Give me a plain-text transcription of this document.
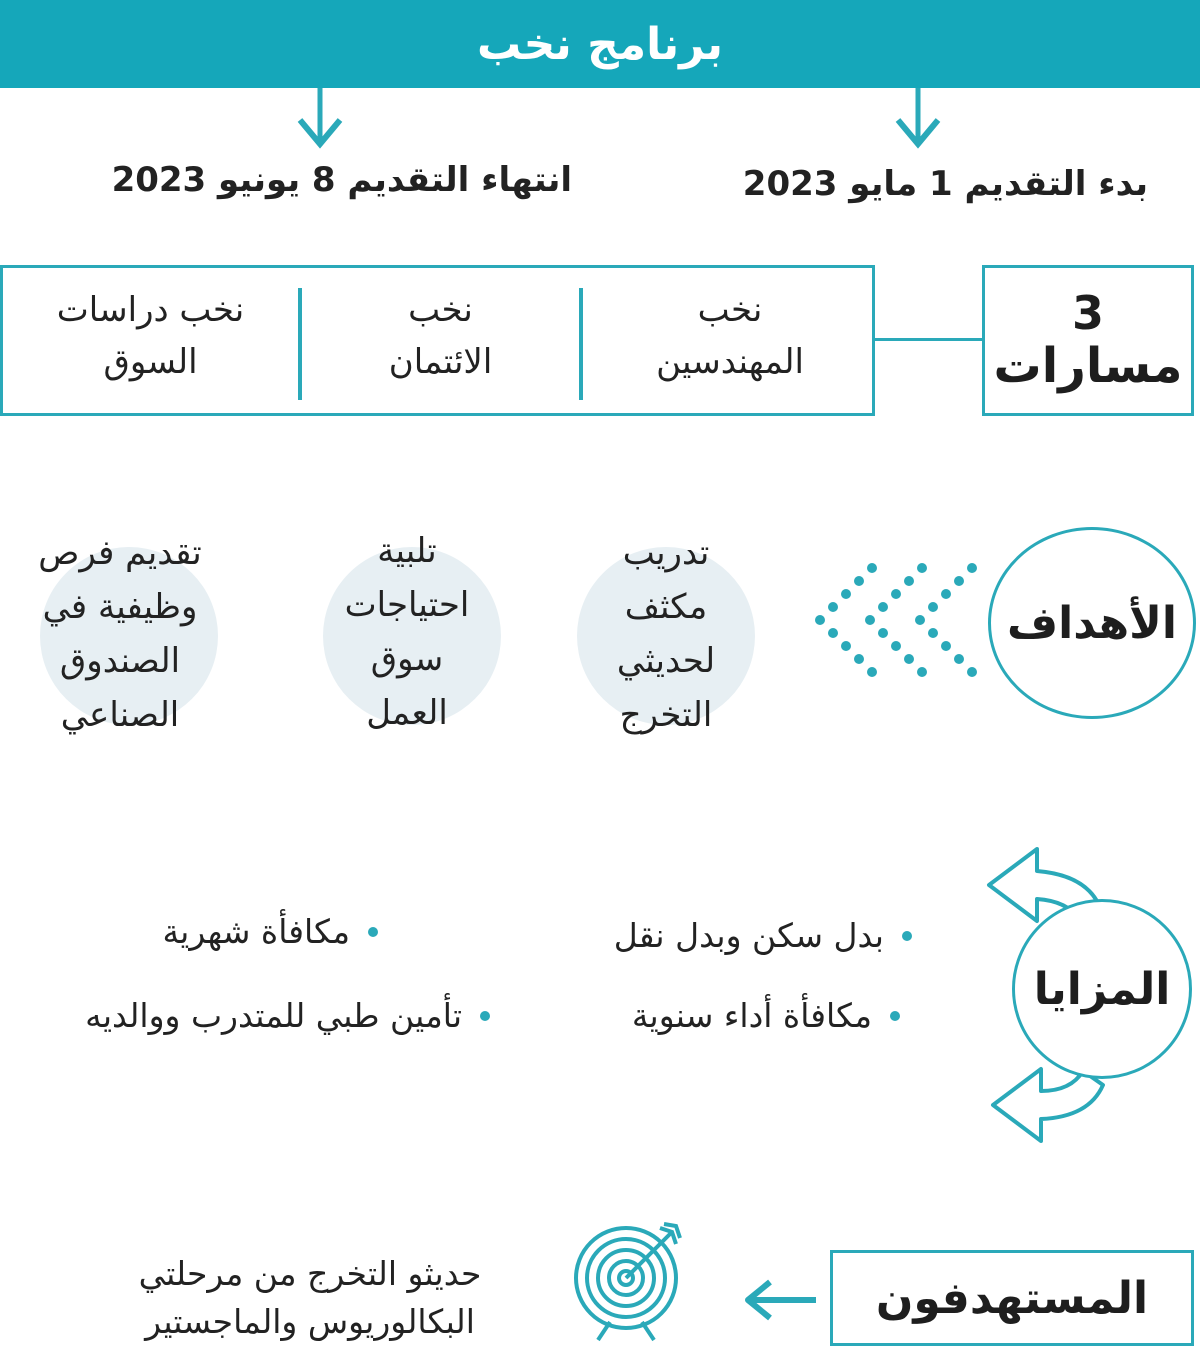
برنامج نخب
بدء التقديم 1 مايو 2023
انتهاء التقديم 8 يونيو 2023
3
مسارات
نخب
المهندسين
نخب
الائتمان
نخب دراسات
السوق
الأهداف
تدريب
مكثف
لحديثي
التخرج
تلبية
احتياجات
سوق
العمل
تقديم فرص
وظيفية في
الصندوق
الصناعي
المزايا
بدل سكن وبدل نقل
مكافأة أداء سنوية
مكافأة شهرية
تأمين طبي للمتدرب ووالديه
المستهدفون
حديثو التخرج من مرحلتي
البكالوريوس والماجستير
